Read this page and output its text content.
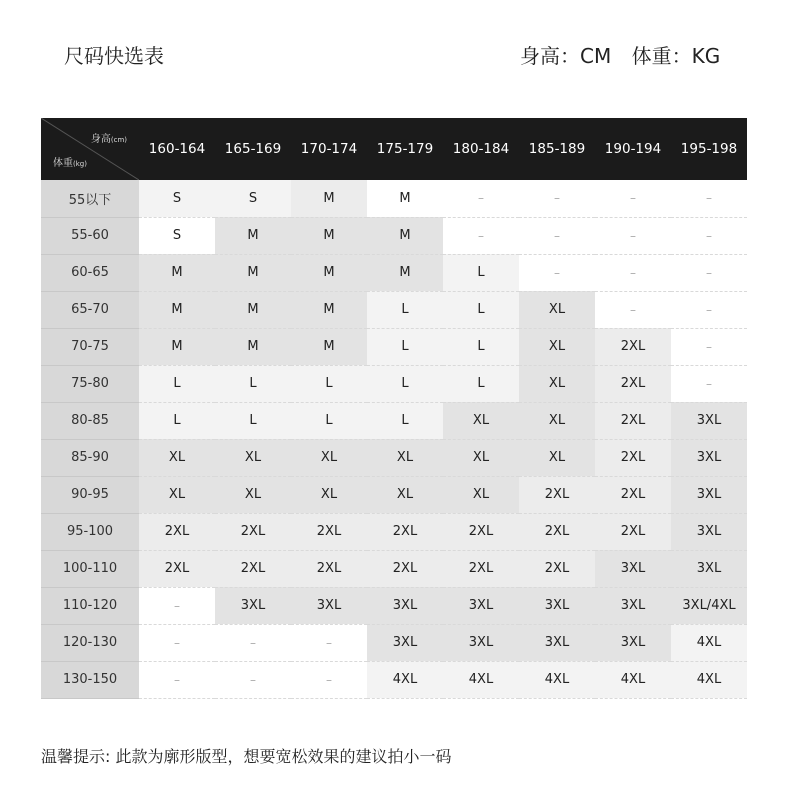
尺码快选表	身高：CM 体重：KG
身高(cm)
体重(kg)	160-164	165-169	170-174	175-179	180-184	185-189	190-194	195-198
55以下	S	S	M	M	–	–	–	–
55-60	S	M	M	M	–	–	–	–
60-65	M	M	M	M	L	–	–	–
65-70	M	M	M	L	L	XL	–	–
70-75	M	M	M	L	L	XL	2XL	–
75-80	L	L	L	L	L	XL	2XL	–
80-85	L	L	L	L	XL	XL	2XL	3XL
85-90	XL	XL	XL	XL	XL	XL	2XL	3XL
90-95	XL	XL	XL	XL	XL	2XL	2XL	3XL
95-100	2XL	2XL	2XL	2XL	2XL	2XL	2XL	3XL
100-110	2XL	2XL	2XL	2XL	2XL	2XL	3XL	3XL
110-120	–	3XL	3XL	3XL	3XL	3XL	3XL	3XL/4XL
120-130	–	–	–	3XL	3XL	3XL	3XL	4XL
130-150	–	–	–	4XL	4XL	4XL	4XL	4XL
温馨提示: 此款为廓形版型，想要宽松效果的建议拍小一码
